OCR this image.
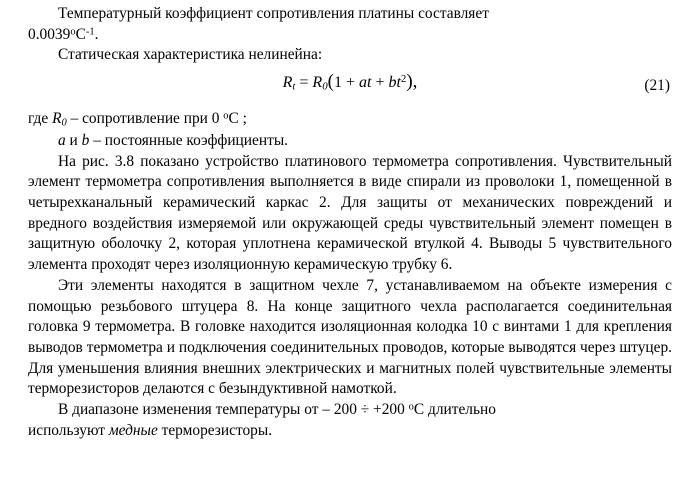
Температурный коэффициент сопротивления платины составляет

$0.0039^оС^{-1}$.

Статическая характеристика нелинейна:

$R_t = R_0(1$ + at + $bt^2$),	(21)

где $R_0$ – сопротивление при 0 $^о$С ;

а и b – постоянные коэффициенты.

На рис. 3.8 показано устройство платинового термометра сопротивления. Чувствительный элемент термометра сопротивления выполняется в виде спирали из проволоки 1, помещенной в четырехканальный керамический каркас 2. Для защиты от механических повреждений и вредного воздействия измеряемой или окружающей среды чувствительный элемент помещен в защитную оболочку 2, которая уплотнена керамической втулкой 4. Выводы 5 чувствительного элемента проходят через изоляционную керамическую трубку 6.

Эти элементы находятся в защитном чехле 7, устанавливаемом на объекте измерения с помощью резьбового штуцера 8. На конце защитного чехла располагается соединительная головка 9 термометра. В головке находится изоляционная колодка 10 с винтами 1 для крепления выводов термометра и подключения соединительных проводов, которые выводятся через штуцер. Для уменьшения влияния внешних электрических и магнитных полей чувствительные элементы терморезисторов делаются с безындуктивной намоткой.

В диапазоне изменения температуры от – 200 ÷ +200 $^о$С длительно

используют медные терморезисторы.
